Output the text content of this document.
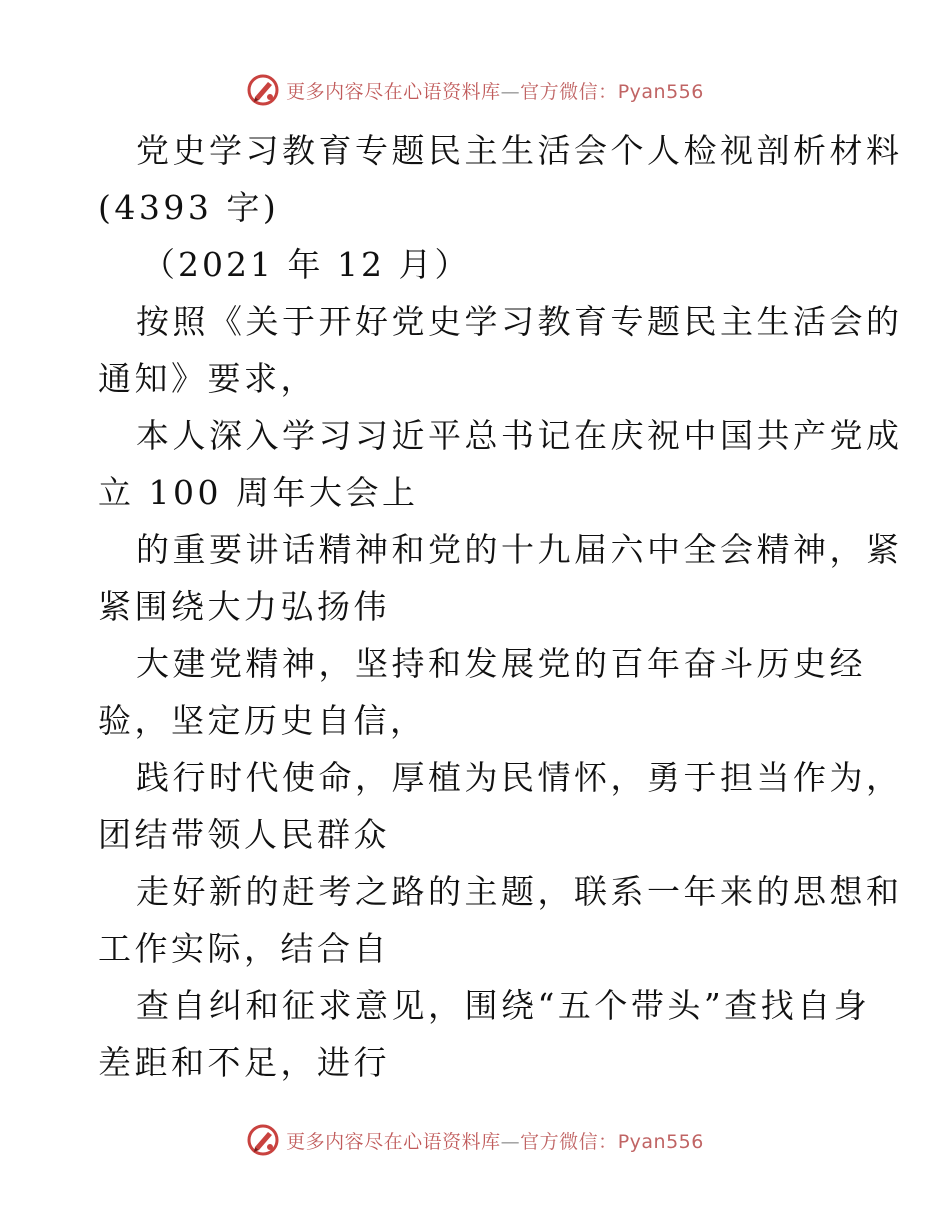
更多内容尽在心语资料库—官方微信：Pyan556
党史学习教育专题民主生活会个人检视剖析材料
(4393 字)
（2021 年 12 月）
按照《关于开好党史学习教育专题民主生活会的
通知》要求，
本人深入学习习近平总书记在庆祝中国共产党成
立 100 周年大会上
的重要讲话精神和党的十九届六中全会精神，紧
紧围绕大力弘扬伟
大建党精神，坚持和发展党的百年奋斗历史经
验，坚定历史自信，
践行时代使命，厚植为民情怀，勇于担当作为，
团结带领人民群众
走好新的赶考之路的主题，联系一年来的思想和
工作实际，结合自
查自纠和征求意见，围绕“五个带头”查找自身
差距和不足，进行
更多内容尽在心语资料库—官方微信：Pyan556
